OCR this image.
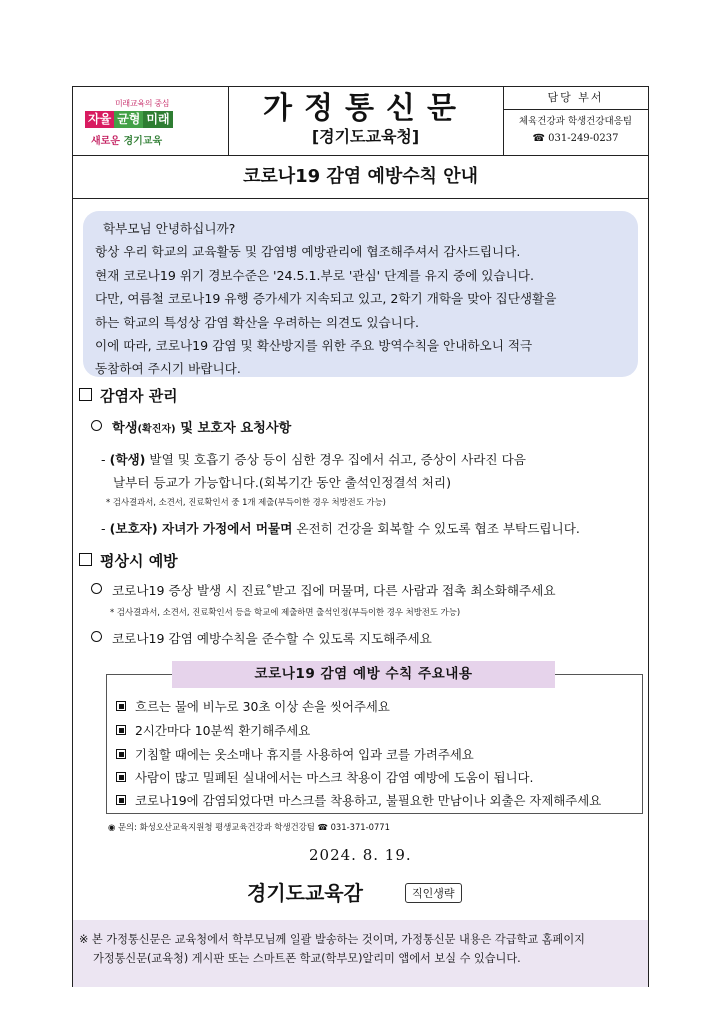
미래교육의 중심
자율 균형 미래
새로운 경기교육
가정통신문
[경기도교육청]
담당 부서
체육건강과 학생건강대응팀
☎ 031-249-0237
코로나19 감염 예방수칙 안내

학부모님 안녕하십니까?

항상 우리 학교의 교육활동 및 감염병 예방관리에 협조해주셔서 감사드립니다.

현재 코로나19 위기 경보수준은 '24.5.1.부로 '관심' 단계를 유지 중에 있습니다.

다만, 여름철 코로나19 유행 증가세가 지속되고 있고, 2학기 개학을 맞아 집단생활을

하는 학교의 특성상 감염 확산을 우려하는 의견도 있습니다.

이에 따라, 코로나19 감염 및 확산방지를 위한 주요 방역수칙을 안내하오니 적극

동참하여 주시기 바랍니다.

감염자 관리
학생(확진자) 및 보호자 요청사항
- (학생) 발열 및 호흡기 증상 등이 심한 경우 집에서 쉬고, 증상이 사라진 다음
날부터 등교가 가능합니다.(회복기간 동안 출석인정결석 처리)
* 검사결과서, 소견서, 진료확인서 중 1개 제출(부득이한 경우 처방전도 가능)
- (보호자) 자녀가 가정에서 머물며 온전히 건강을 회복할 수 있도록 협조 부탁드립니다.
평상시 예방
코로나19 증상 발생 시 진료˚받고 집에 머물며, 다른 사람과 접촉 최소화해주세요
* 검사결과서, 소견서, 진료확인서 등을 학교에 제출하면 출석인정(부득이한 경우 처방전도 가능)
코로나19 감염 예방수칙을 준수할 수 있도록 지도해주세요
코로나19 감염 예방 수칙 주요내용
흐르는 물에 비누로 30초 이상 손을 씻어주세요
2시간마다 10분씩 환기해주세요
기침할 때에는 옷소매나 휴지를 사용하여 입과 코를 가려주세요
사람이 많고 밀폐된 실내에서는 마스크 착용이 감염 예방에 도움이 됩니다.
코로나19에 감염되었다면 마스크를 착용하고, 불필요한 만남이나 외출은 자제해주세요
◉ 문의: 화성오산교육지원청 평생교육건강과 학생건강팀 ☎ 031-371-0771
2024. 8. 19.
경기도교육감	직인생략

※ 본 가정통신문은 교육청에서 학부모님께 일괄 발송하는 것이며, 가정통신문 내용은 각급학교 홈페이지

가정통신문(교육청) 게시판 또는 스마트폰 학교(학부모)알리미 앱에서 보실 수 있습니다.
